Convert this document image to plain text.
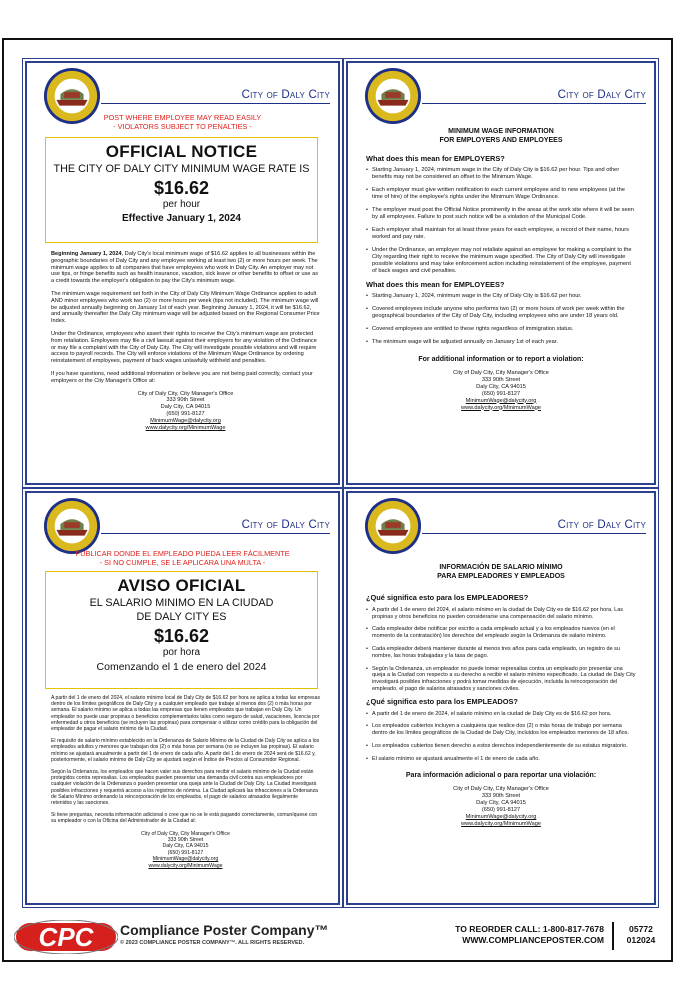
City of Daly City
POST WHERE EMPLOYEE MAY READ EASILY
- VIOLATORS SUBJECT TO PENALTIES -
OFFICIAL NOTICE
THE CITY OF DALY CITY MINIMUM WAGE RATE IS
$16.62
per hour
Effective January 1, 2024

Beginning January 1, 2024, Daly City's local minimum wage of $16.62 applies to all businesses within the geographic boundaries of Daly City and any employee working at least two (2) or more hours per week. The minimum wage applies to all companies that have employees who work in Daly City. An employer may not use tips, or fringe benefits such as health insurance, vacation, sick leave or other benefits to offset or use as a credit towards the employer's obligation to pay the City's minimum wage.

The minimum wage requirement set forth in the City of Daly City Minimum Wage Ordinance applies to adult AND minor employees who work two (2) or more hours per week (tips not included). The minimum wage will be adjusted annually beginning on January 1st of each year. Beginning January 1, 2024, it will be $16.62, and annually thereafter the Daly City minimum wage will be adjusted based on the Regional Consumer Price Index.

Under the Ordinance, employees who assert their rights to receive the City's minimum wage are protected from retaliation. Employees may file a civil lawsuit against their employers for any violation of the Ordinance or may file a complaint with the City of Daly City. The City will investigate possible violations and will require access to payroll records. The City will enforce violations of the Minimum Wage Ordinance by ordering reinstatement of employees, payment of back wages unlawfully withheld and penalties.

If you have questions, need additional information or believe you are not being paid correctly, contact your employers or the City Manager's Office at:

City of Daly City, City Manager's Office
333 90th Street
Daly City, CA 94015
(650) 991-8127
MinimumWage@dalycity.org
www.dalycity.org/MinimumWage
City of Daly City
MINIMUM WAGE INFORMATION
FOR EMPLOYERS AND EMPLOYEES
What does this mean for EMPLOYERS?
• Starting January 1, 2024, minimum wage in the City of Daly City is $16.62 per hour. Tips and other benefits may not be considered an offset to the Minimum Wage.
• Each employer must give written notification to each current employee and to new employees (at the time of hire) of the employee's rights under the Minimum Wage Ordinance.
• The employer must post the Official Notice prominently in the areas at the work site where it will be seen by all employees. Failure to post such notice will be a violation of the Municipal Code.
• Each employer shall maintain for at least three years for each employee, a record of their name, hours worked and pay rate.
• Under the Ordinance, an employer may not retaliate against an employee for making a complaint to the City regarding their right to receive the minimum wage specified. The City of Daly City will investigate possible violations and may take enforcement action including reinstatement of the employee, payment of back wages and civil penalties.
What does this mean for EMPLOYEES?
• Starting January 1, 2024, minimum wage in the City of Daly City is $16.62 per hour.
• Covered employees include anyone who performs two (2) or more hours of work per week within the geographical boundaries of the City of Daly City, including employees who are under 18 years old.
• Covered employees are entitled to these rights regardless of immigration status.
• The minimum wage will be adjusted annually on January 1st of each year.
For additional information or to report a violation:
City of Daly City, City Manager's Office
333 90th Street
Daly City, CA 94015
(650) 991-8127
MinimumWage@dalycity.org
www.dalycity.org/MinimumWage
City of Daly City
PUBLICAR DONDE EL EMPLEADO PUEDA LEER FÁCILMENTE
- SI NO CUMPLE, SE LE APLICARA UNA MULTA -
AVISO OFICIAL
EL SALARIO MINIMO EN LA CIUDAD
DE DALY CITY ES
$16.62
por hora
Comenzando el 1 de enero del 2024

A partir del 1 de enero del 2024, el salario mínimo local de Daly City de $16.62 por hora se aplica a todas las empresas dentro de los límites geográficos de Daly City y a cualquier empleado que trabaje al menos dos (2) o más horas por semana. El salario mínimo se aplica a todas las empresas que tienen empleados que trabajan en Daly City. Un empleador no puede usar propinas o beneficios complementarios tales como seguro de salud, vacaciones, licencia por enfermedad u otros beneficios (se incluyen las propinas) para compensar o utilizar como crédito para la obligación del empleador de pagar el salario mínimo de la Ciudad.

El requisito de salario mínimo establecido en la Ordenanza de Salario Mínimo de la Ciudad de Daly City se aplica a los empleados adultos y menores que trabajan dos (2) o más horas por semana (no se incluyen las propinas). El salario mínimo se ajustará anualmente a partir del 1 de enero de cada año. A partir del 1 de enero de 2024 será de $16.62 y, posteriormente, el salario mínimo de Daly City se ajustará según el Índice de Precios al Consumidor Regional.

Según la Ordenanza, los empleados que hacen valer sus derechos para recibir el salario mínimo de la Ciudad están protegidos contra represalias. Los empleados pueden presentar una demanda civil contra sus empleadores por cualquier violación de la Ordenanza o pueden presentar una queja ante la Ciudad de Daly City. La Ciudad investigará posibles infracciones y requerirá acceso a los registros de nómina. La Ciudad aplicará las infracciones a la Ordenanza de Salario Mínimo ordenando la reincorporación de los empleados, el pago de salarios atrasados ilegalmente retenidos y las sanciones.

Si tiene preguntas, necesita información adicional o cree que no se le está pagando correctamente, comuníquese con su empleador o con la Oficina del Administrador de la Ciudad al:

City of Daly City, City Manager's Office
333 90th Street
Daly City, CA 94015
(650) 991-8127
MinimumWage@dalycity.org
www.dalycity.org/MinimumWage
City of Daly City
INFORMACIÓN DE SALARIO MÍNIMO
PARA EMPLEADORES Y EMPLEADOS
¿Qué significa esto para los EMPLEADORES?
• A partir del 1 de enero del 2024, el salario mínimo en la ciudad de Daly City es de $16.62 por hora. Las propinas y otros beneficios no pueden considerarse una compensación del salario mínimo.
• Cada empleador debe notificar por escrito a cada empleado actual y a los empleados nuevos (en el momento de la contratación) los derechos del empleado según la Ordenanza de salario mínimo.
• Cada empleador deberá mantener durante al menos tres años para cada empleado, un registro de su nombre, las horas trabajadas y la tasa de pago.
• Según la Ordenanza, un empleador no puede tomar represalias contra un empleado por presentar una queja a la Ciudad con respecto a su derecho a recibir el salario mínimo especificado. La ciudad de Daly City investigará posibles infracciones y podrá tomar medidas de ejecución, incluida la reincorporación del empleado, el pago de salarios atrasados y sanciones civiles.
¿Qué significa esto para los EMPLEADOS?
• A partir del 1 de enero de 2024, el salario mínimo en la ciudad de Daly City es de $16.62 por hora.
• Los empleados cubiertos incluyen a cualquiera que realice dos (2) o más horas de trabajo por semana dentro de los límites geográficos de la Ciudad de Daly City, incluidos los empleados menores de 18 años.
• Los empleados cubiertos tienen derecho a estos derechos independientemente de su estatus migratorio.
• El salario mínimo se ajustará anualmente el 1 de enero de cada año.
Para información adicional o para reportar una violación:
City of Daly City, City Manager's Office
333 90th Street
Daly City, CA 94015
(650) 991-8127
MinimumWage@dalycity.org
www.dalycity.org/MinimumWage
CPC Compliance Poster Company™
© 2023 COMPLIANCE POSTER COMPANY™. ALL RIGHTS RESERVED.
TO REORDER CALL: 1-800-817-7678
WWW.COMPLIANCEPOSTER.COM
05772
012024
